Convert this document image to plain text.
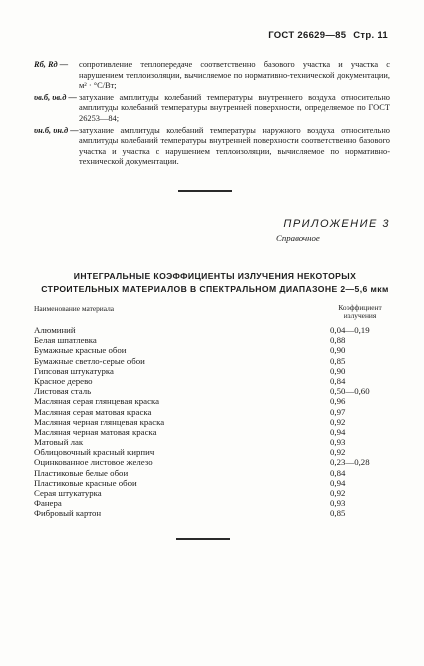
ГОСТ 26629—85 Стр. 11
Rб, Rд —	сопротивление теплопередаче соответственно базового участка и участка с нарушением теплоизоляции, вычисляемое по нормативно-технической документации, м² · °С/Вт;
υв.б, υв.д — затухание амплитуды колебаний температуры внутреннего воздуха относительно амплитуды колебаний температуры внутренней поверхности, определяемое по ГОСТ 26253—84;
υн.б, υн.д — затухание амплитуды колебаний температуры наружного воздуха относительно амплитуды колебаний температуры внутренней поверхности соответственно базового участка и участка с нарушением теплоизоляции, вычисляемое по нормативно-технической документации.
ПРИЛОЖЕНИЕ 3
Справочное
ИНТЕГРАЛЬНЫЕ КОЭФФИЦИЕНТЫ ИЗЛУЧЕНИЯ НЕКОТОРЫХ СТРОИТЕЛЬНЫХ МАТЕРИАЛОВ В СПЕКТРАЛЬНОМ ДИАПАЗОНЕ 2—5,6 мкм
Наименование материала	Коэффициент излучения
Алюминий	0,04—0,19
Белая шпатлевка	0,88
Бумажные красные обои	0,90
Бумажные светло-серые обои	0,85
Гипсовая штукатурка	0,90
Красное дерево	0,84
Листовая сталь	0,50—0,60
Масляная серая глянцевая краска	0,96
Масляная серая матовая краска	0,97
Масляная черная глянцевая краска	0,92
Масляная черная матовая краска	0,94
Матовый лак	0,93
Облицовочный красный кирпич	0,92
Оцинкованное листовое железо	0,23—0,28
Пластиковые белые обои	0,84
Пластиковые красные обои	0,94
Серая штукатурка	0,92
Фанера	0,93
Фибровый картон	0,85
